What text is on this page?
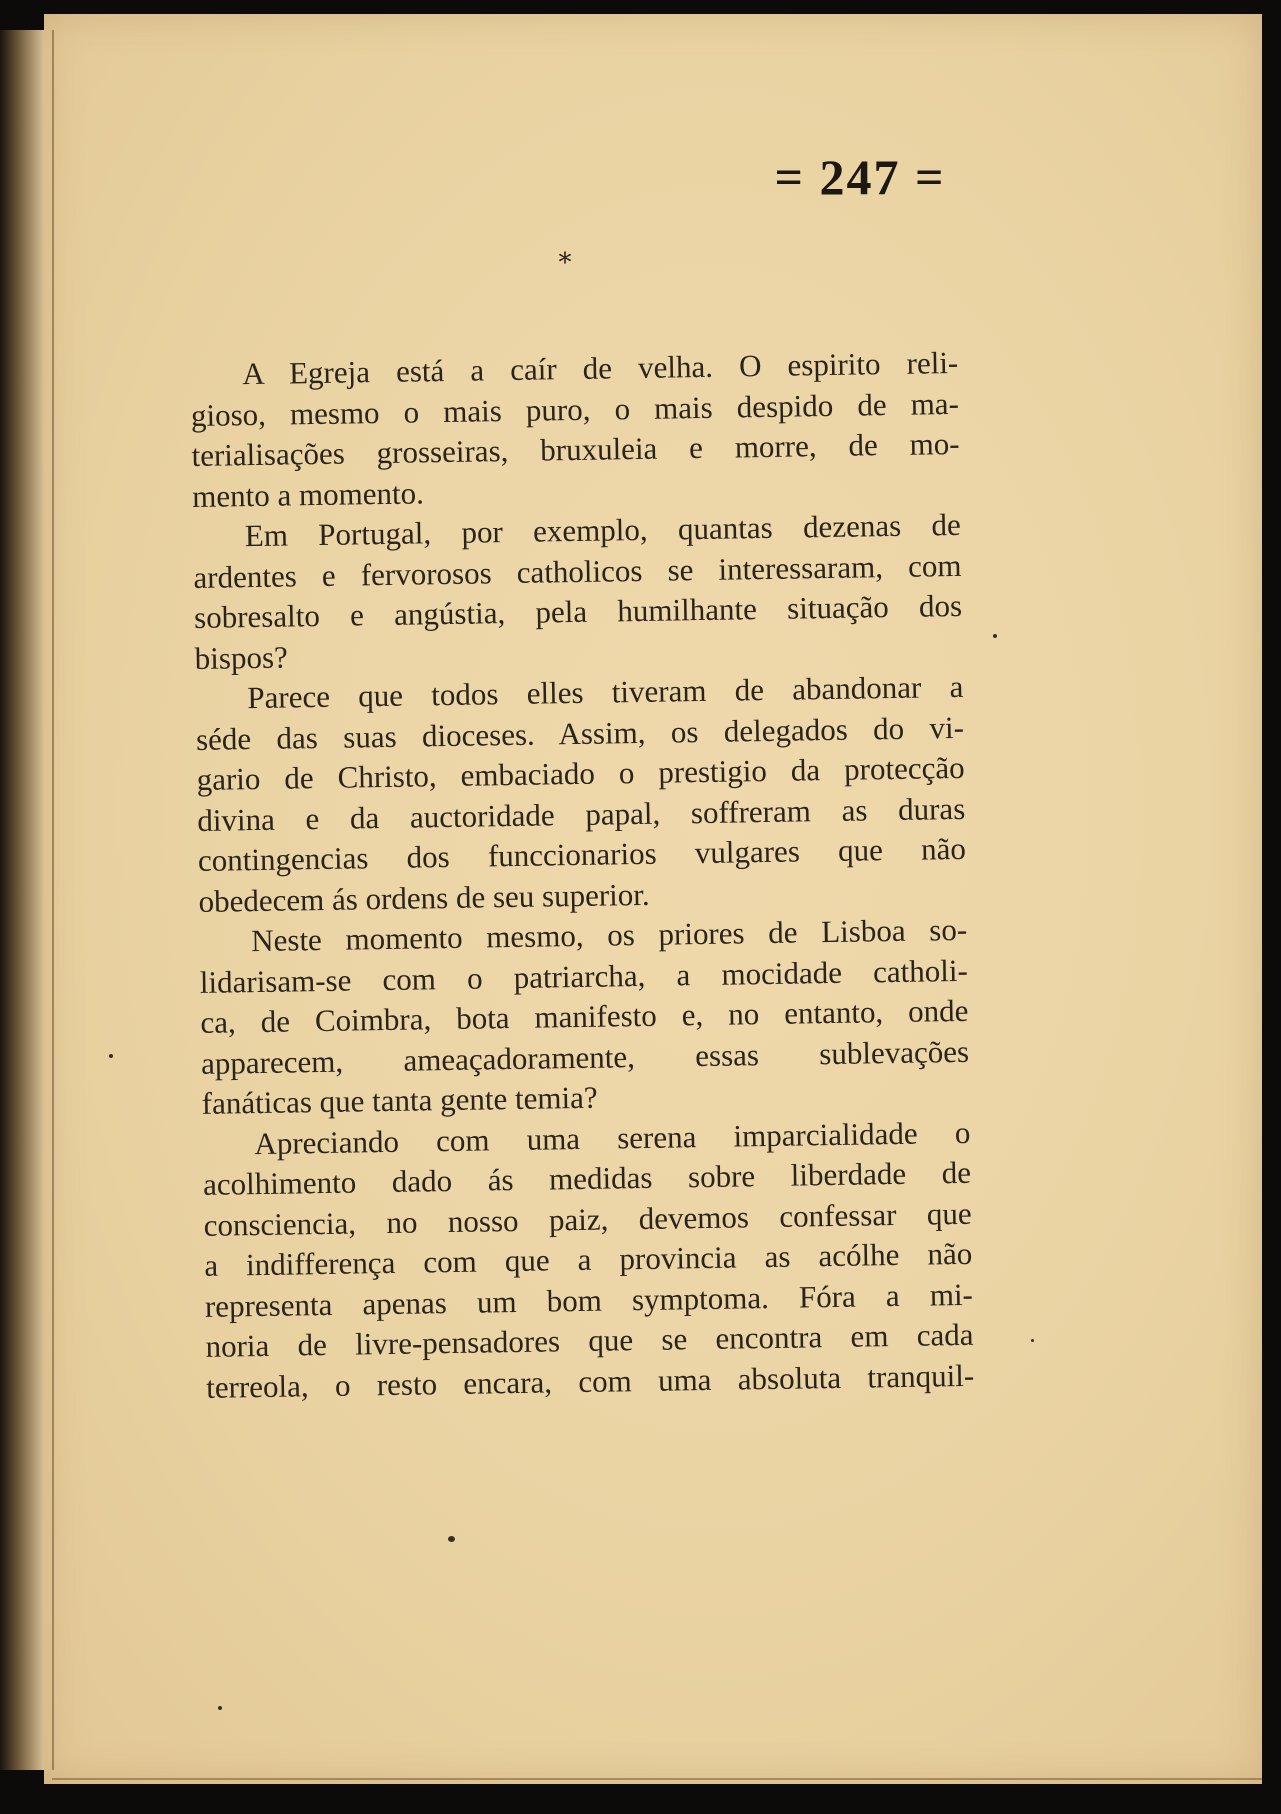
= 247 =
*

A Egreja está a caír de velha. O espirito reli-
gioso, mesmo o mais puro, o mais despido de ma-
terialisações grosseiras, bruxuleia e morre, de mo-
mento a momento.

Em Portugal, por exemplo, quantas dezenas de
ardentes e fervorosos catholicos se interessaram, com
sobresalto e angústia, pela humilhante situação dos
bispos?

Parece que todos elles tiveram de abandonar a
séde das suas dioceses. Assim, os delegados do vi-
gario de Christo, embaciado o prestigio da protecção
divina e da auctoridade papal, soffreram as duras
contingencias dos funccionarios vulgares que não
obedecem ás ordens de seu superior.

Neste momento mesmo, os priores de Lisboa so-
lidarisam-se com o patriarcha, a mocidade catholi-
ca, de Coimbra, bota manifesto e, no entanto, onde
apparecem, ameaçadoramente, essas sublevações
fanáticas que tanta gente temia?

Apreciando com uma serena imparcialidade o
acolhimento dado ás medidas sobre liberdade de
consciencia, no nosso paiz, devemos confessar que
a indifferença com que a provincia as acólhe não
representa apenas um bom symptoma. Fóra a mi-
noria de livre-pensadores que se encontra em cada
terreola, o resto encara, com uma absoluta tranquil-
